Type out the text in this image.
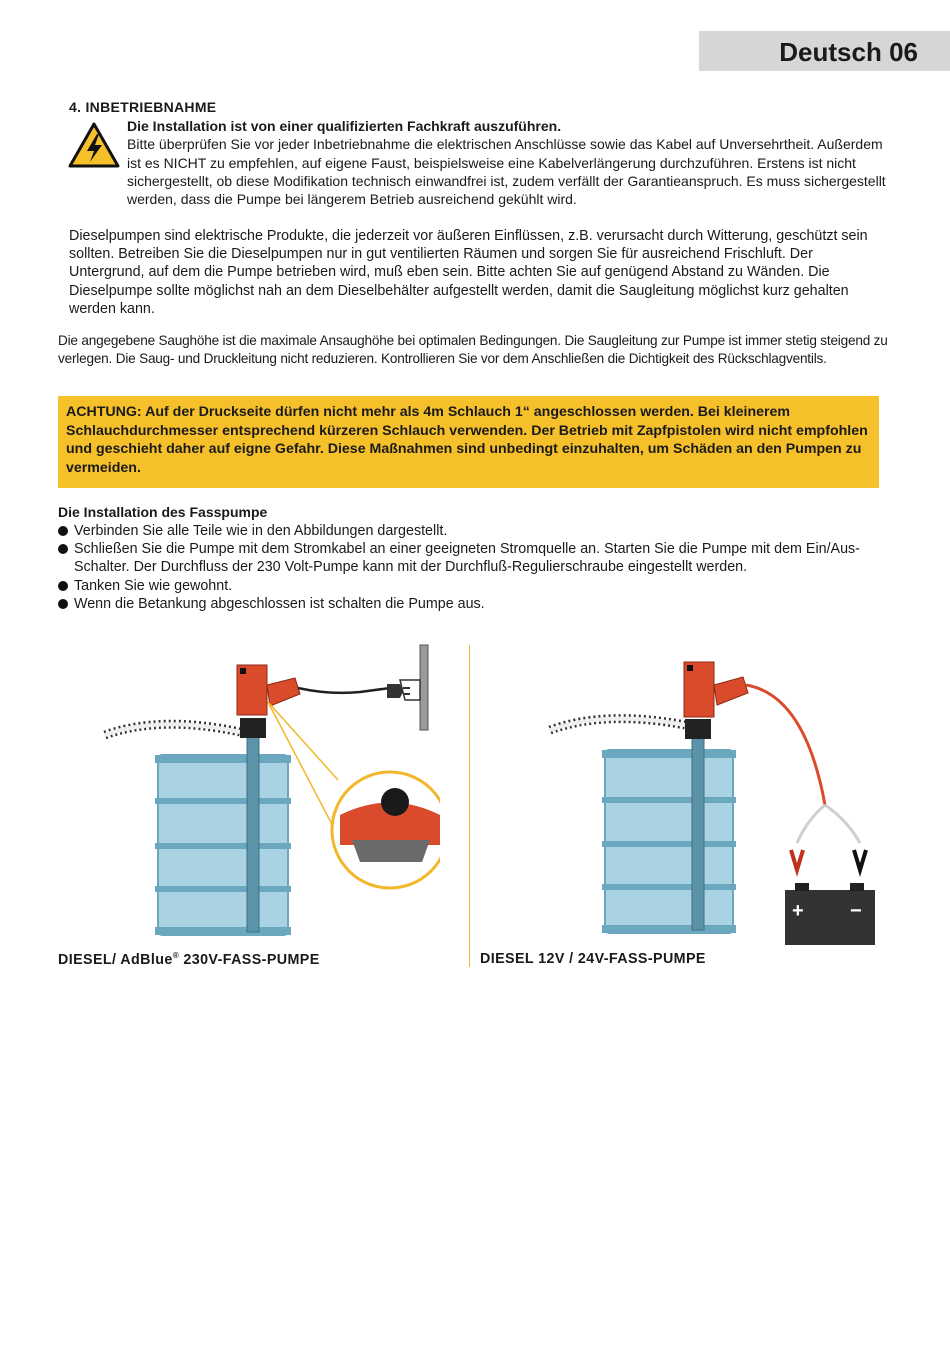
Deutsch 06
4. INBETRIEBNAHME
Die Installation ist von einer qualifizierten Fachkraft auszuführen.
Bitte überprüfen Sie vor jeder Inbetriebnahme die elektrischen Anschlüsse sowie das Kabel auf Unversehrtheit. Außerdem ist es NICHT zu empfehlen, auf eigene Faust, beispielsweise eine Kabelverlängerung durchzuführen. Erstens ist nicht sichergestellt, ob diese Modifikation technisch einwandfrei ist, zudem verfällt der Garantieanspruch. Es muss sichergestellt werden, dass die Pumpe bei längerem Betrieb ausreichend gekühlt wird.
Dieselpumpen sind elektrische Produkte, die jederzeit vor äußeren Einflüssen, z.B. verursacht durch Witterung, geschützt sein sollten. Betreiben Sie die Dieselpumpen nur in gut ventilierten Räumen und sorgen Sie für ausreichend Frischluft. Der Untergrund, auf dem die Pumpe betrieben wird, muß eben sein. Bitte achten Sie auf genügend Abstand zu Wänden. Die Dieselpumpe sollte möglichst nah an dem Dieselbehälter aufgestellt werden, damit die Saugleitung möglichst kurz gehalten werden kann.
Die angegebene Saughöhe ist die maximale Ansaughöhe bei optimalen Bedingungen. Die Saugleitung zur Pumpe ist immer stetig steigend zu verlegen. Die Saug- und Druckleitung nicht reduzieren. Kontrollieren Sie vor dem Anschließen die Dichtigkeit des Rückschlagventils.
ACHTUNG: Auf der Druckseite dürfen nicht mehr als 4m Schlauch 1“ angeschlossen werden. Bei kleinerem Schlauchdurchmesser entsprechend kürzeren Schlauch verwenden. Der Betrieb mit Zapfpistolen wird nicht empfohlen und geschieht daher auf eigne Gefahr. Diese Maßnahmen sind unbedingt einzuhalten, um Schäden an den Pumpen zu vermeiden.
Die Installation des Fasspumpe
Verbinden Sie alle Teile wie in den Abbildungen dargestellt.
Schließen Sie die Pumpe mit dem Stromkabel an einer geeigneten Stromquelle an. Starten Sie die Pumpe mit dem Ein/Aus- Schalter. Der Durchfluss der 230 Volt-Pumpe kann mit der Durchfluß-Regulierschraube eingestellt werden.
Tanken Sie wie gewohnt.
Wenn die Betankung abgeschlossen ist schalten die Pumpe aus.
+ −
DIESEL/ AdBlue® 230V-FASS-PUMPE	DIESEL 12V / 24V-FASS-PUMPE
